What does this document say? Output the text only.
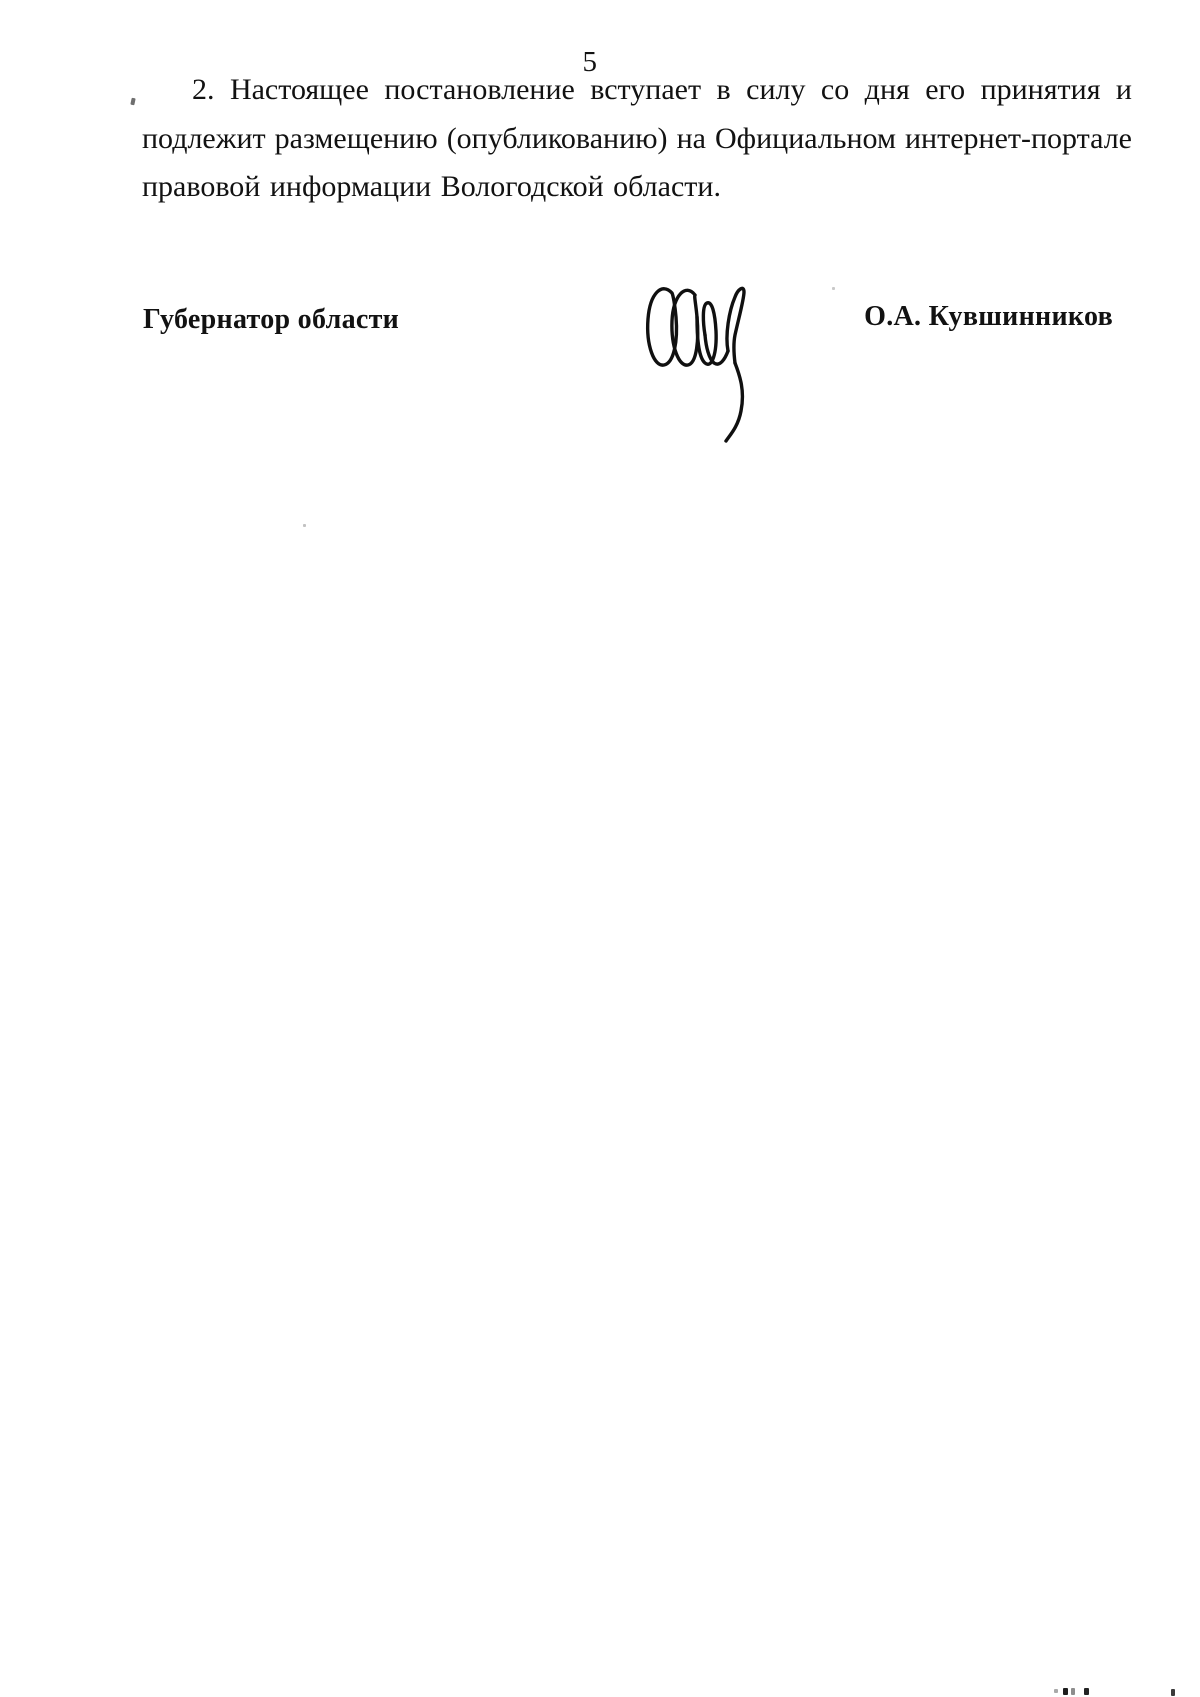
5
2. Настоящее постановление вступает в силу со дня его принятия и
подлежит размещению (опубликованию) на Официальном интернет-портале
правовой информации Вологодской области.
Губернатор области	О.А. Кувшинников
